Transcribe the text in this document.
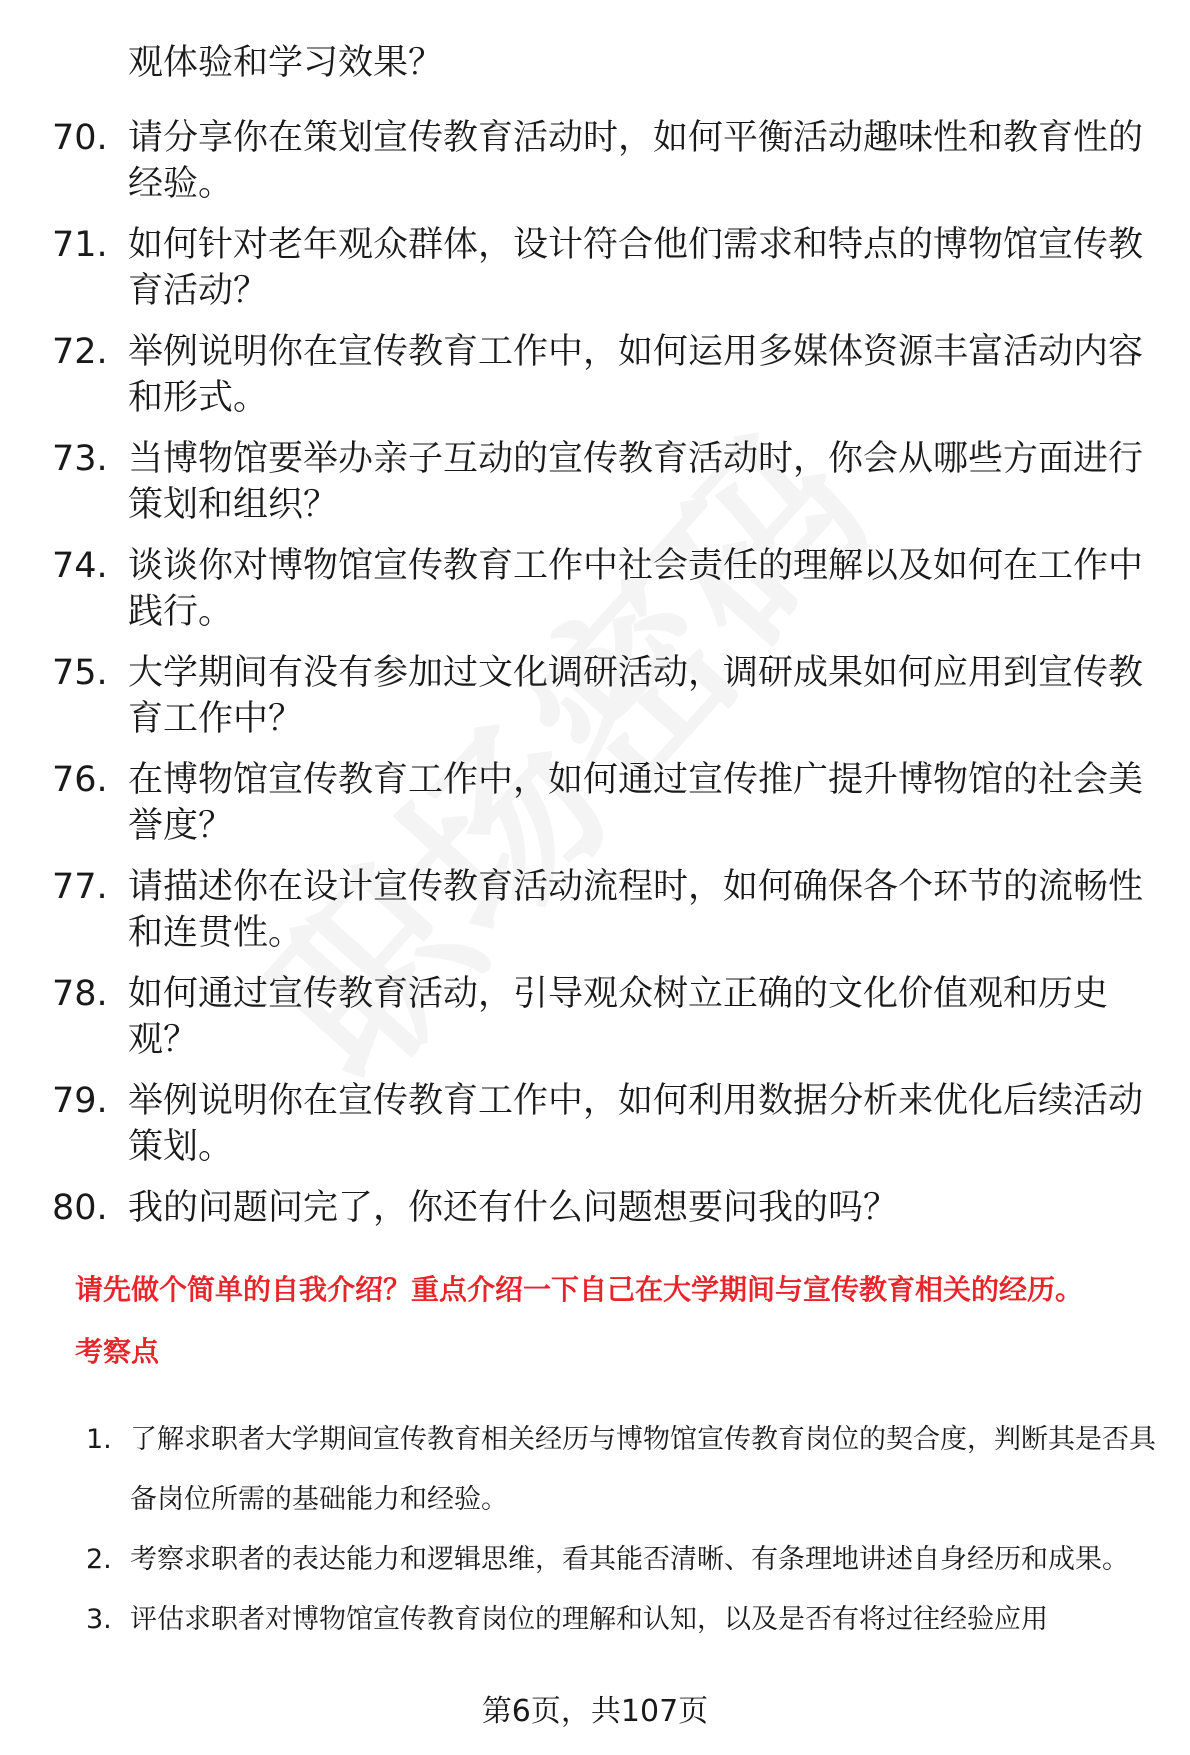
观体验和学习效果？
70. 请分享你在策划宣传教育活动时，如何平衡活动趣味性和教育性的经验。
71. 如何针对老年观众群体，设计符合他们需求和特点的博物馆宣传教育活动？
72. 举例说明你在宣传教育工作中，如何运用多媒体资源丰富活动内容和形式。
73. 当博物馆要举办亲子互动的宣传教育活动时，你会从哪些方面进行策划和组织？
74. 谈谈你对博物馆宣传教育工作中社会责任的理解以及如何在工作中践行。
75. 大学期间有没有参加过文化调研活动，调研成果如何应用到宣传教育工作中？
76. 在博物馆宣传教育工作中，如何通过宣传推广提升博物馆的社会美誉度？
77. 请描述你在设计宣传教育活动流程时，如何确保各个环节的流畅性和连贯性。
78. 如何通过宣传教育活动，引导观众树立正确的文化价值观和历史观？
79. 举例说明你在宣传教育工作中，如何利用数据分析来优化后续活动策划。
80. 我的问题问完了，你还有什么问题想要问我的吗？
请先做个简单的自我介绍？重点介绍一下自己在大学期间与宣传教育相关的经历。
考察点
1. 了解求职者大学期间宣传教育相关经历与博物馆宣传教育岗位的契合度，判断其是否具备岗位所需的基础能力和经验。
2. 考察求职者的表达能力和逻辑思维，看其能否清晰、有条理地讲述自身经历和成果。
3. 评估求职者对博物馆宣传教育岗位的理解和认知，以及是否有将过往经验应用
第6页，共107页
